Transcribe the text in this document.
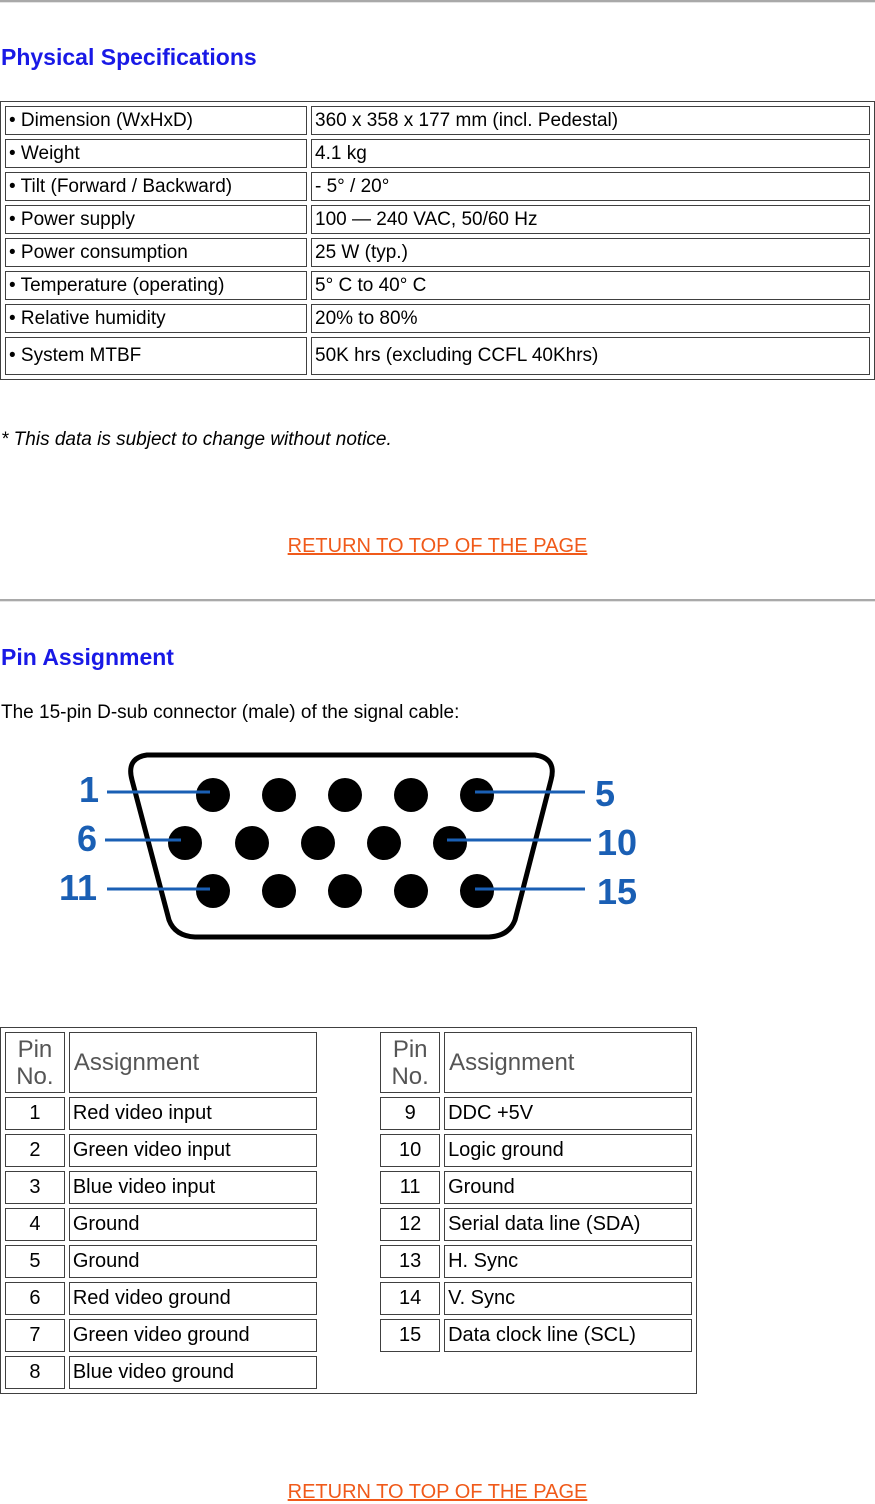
Physical Specifications
• Dimension (WxHxD)	360 x 358 x 177 mm (incl. Pedestal)
• Weight	4.1 kg
• Tilt (Forward / Backward)	- 5° / 20°
• Power supply	100 — 240 VAC, 50/60 Hz
• Power consumption	25 W (typ.)
• Temperature (operating)	5° C to 40° C
• Relative humidity	20% to 80%
• System MTBF	50K hrs (excluding CCFL 40Khrs)
* This data is subject to change without notice.
RETURN TO TOP OF THE PAGE
Pin Assignment
The 15-pin D-sub connector (male) of the signal cable:
1
6
11
5
10
15
Pin No.	Assignment		Pin No.	Assignment
1	Red video input		9	DDC +5V
2	Green video input		10	Logic ground
3	Blue video input		11	Ground
4	Ground		12	Serial data line (SDA)
5	Ground		13	H. Sync
6	Red video ground		14	V. Sync
7	Green video ground		15	Data clock line (SCL)
8	Blue video ground			
RETURN TO TOP OF THE PAGE
